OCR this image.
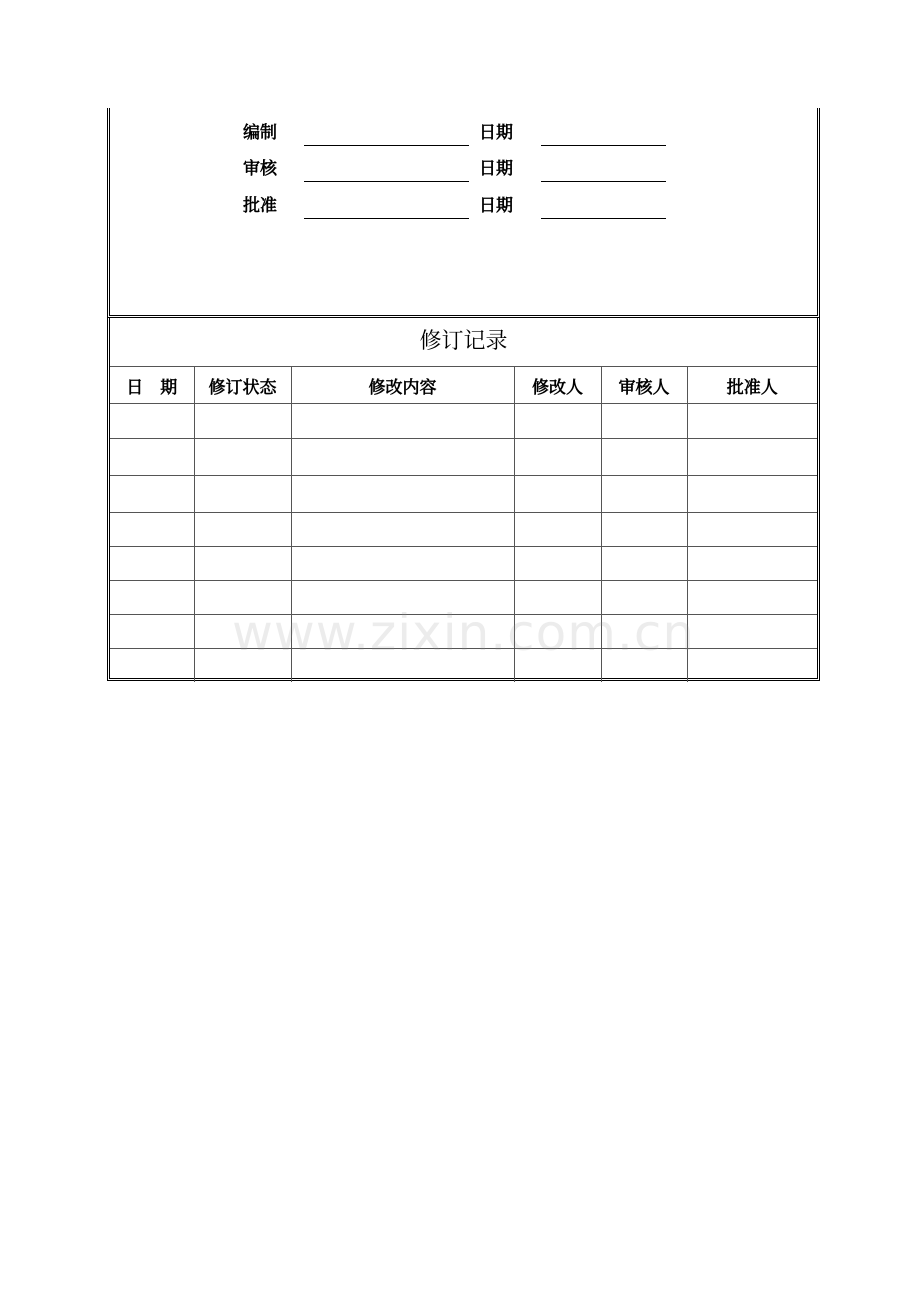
编制	日期
审核	日期
批准	日期
修订记录
日　期	修订状态	修改内容	修改人	审核人	批准人

www.zixin.com.cn
